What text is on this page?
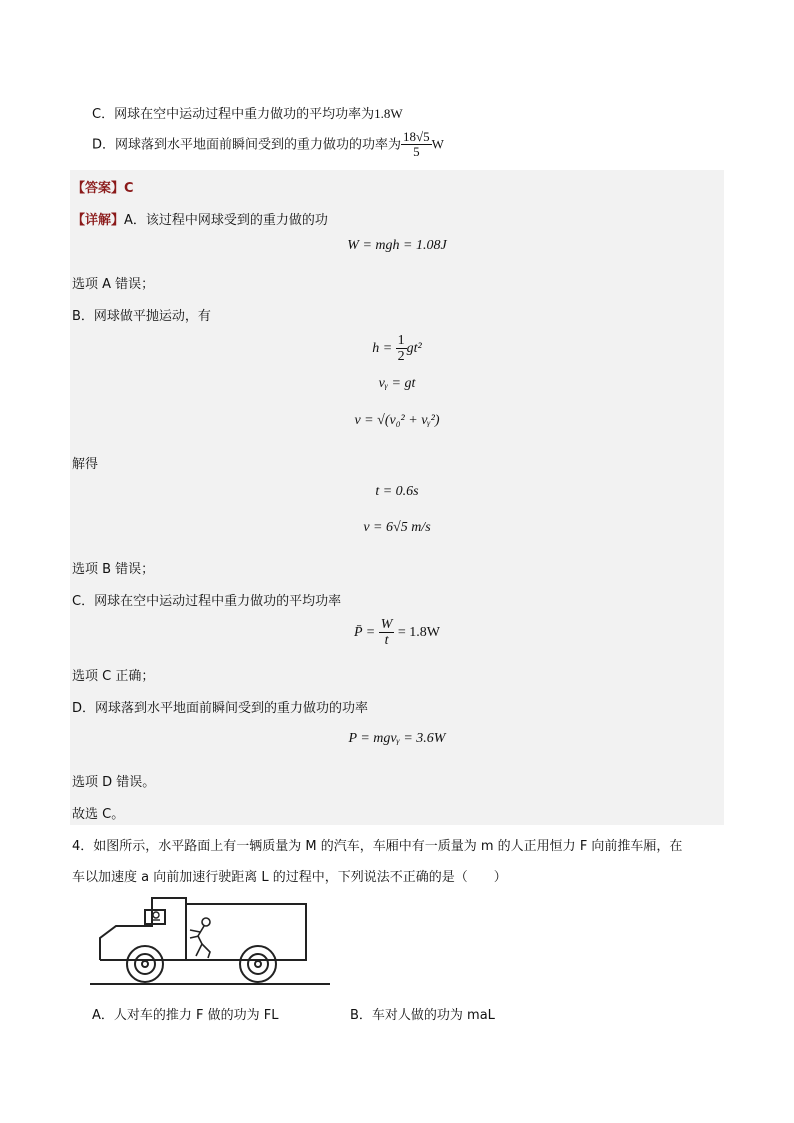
C．网球在空中运动过程中重力做功的平均功率为1.8W
D．网球落到水平地面前瞬间受到的重力做功的功率为 $\frac{18√5}{5}$ W
【答案】C
【详解】A．该过程中网球受到的重力做的功
W = mgh = 1.08J
选项 A 错误；
B．网球做平抛运动，有
$h = \frac{1}{2} gt^2$
vᵧ = gt
v = √(v₀² + vᵧ²)
解得
t = 0.6s
v = 6√5 m/s
选项 B 错误；
C．网球在空中运动过程中重力做功的平均功率
P̄ = $\frac{W}{t} = 1.8W$
选项 C 正确；
D．网球落到水平地面前瞬间受到的重力做功的功率
P = mgvᵧ = 3.6W
选项 D 错误。
故选 C。
4．如图所示，水平路面上有一辆质量为 M 的汽车，车厢中有一质量为 m 的人正用恒力 F 向前推车厢，在
车以加速度 a 向前加速行驶距离 L 的过程中，下列说法不正确的是（　　）
A．人对车的推力 F 做的功为 FL	B．车对人做的功为 maL
